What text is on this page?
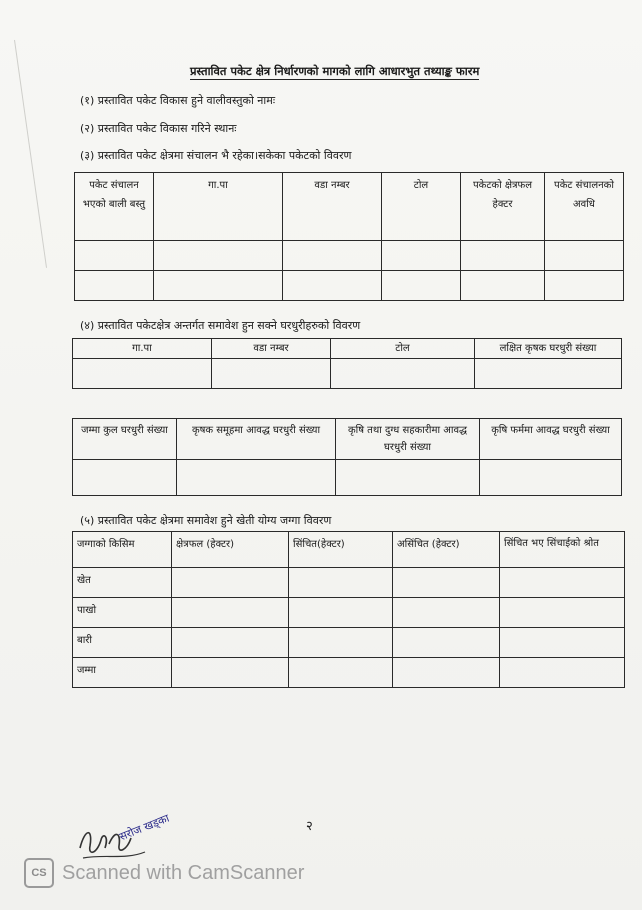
प्रस्तावित पकेट क्षेत्र निर्धारणको मागको लागि आधारभुत तथ्याङ्क फारम
(१) प्रस्तावित पकेट विकास हुने वालीवस्तुको नामः
(२) प्रस्तावित पकेट विकास गरिने स्थानः
(३) प्रस्तावित पकेट क्षेत्रमा संचालन भै रहेका।सकेका पकेटको विवरण
पकेट संचालन भएको बाली बस्तु	गा.पा	वडा नम्बर	टोल	पकेटको क्षेत्रफल हेक्टर	पकेट संचालनको अवधि

(४) प्रस्तावित पकेटक्षेत्र अन्तर्गत समावेश हुन सक्ने घरधुरीहरुको विवरण
गा.पा	वडा नम्बर	टोल	लक्षित कृषक घरधुरी संख्या

जम्मा कुल घरधुरी संख्या	कृषक समूहमा आवद्ध घरधुरी संख्या	कृषि तथा दुग्ध सहकारीमा आवद्ध घरधुरी संख्या	कृषि फर्ममा आवद्ध घरधुरी संख्या

(५) प्रस्तावित पकेट क्षेत्रमा समावेश हुने खेती योग्य जग्गा विवरण
जग्गाको किसिम	क्षेत्रफल (हेक्टर)	सिंचित(हेक्टर)	असिंचित (हेक्टर)	सिंचित भए सिंचाईको श्रोत
खेत				
पाखो				
बारी				
जम्मा				
२
सरोज खड्का
CS Scanned with CamScanner
